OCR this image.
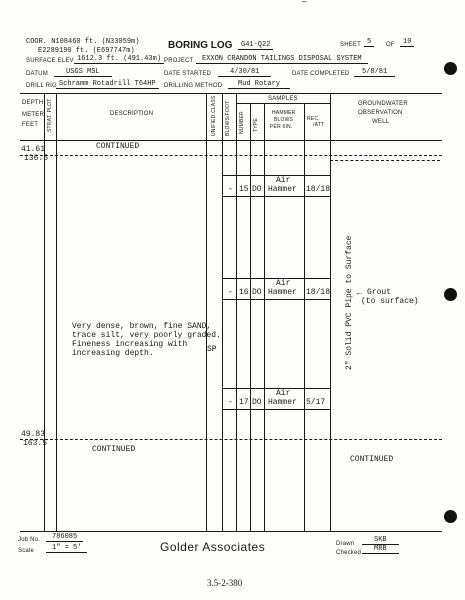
—
COOR. N108460 ft. (N33059m)
E2289190 ft. (E697747m)	BORING LOG	G41-Q22	SHEET 5	OF	10
SURFACE ELEV 1612.3 ft. (491.43m) PROJECT	EXXON CRANDON TAILINGS DISPOSAL SYSTEM
DATUM	USGS MSL	DATE STARTED	4/30/81	DATE COMPLETED	5/8/81
DRILL RIG Schramm Rotadrill T64HP	DRILLING METHOD	Mud Rotary
DEPTH
METER
FEET STRAT. PLOT	DESCRIPTION	UNIFIED CLASS BLOWS/FOOT
SAMPLES
NUMBER TYPE
HAMMER
BLOWS
PER 6IN.
REC.
/ATT
GROUNDWATER
OBSERVATION
WELL
41.61
136.5
CONTINUED
- 15 DO
Air
Hammer 18/18
- 16 DO
Air
Hammer 18/18
- 17 DO
Air
Hammer 5/17
Very dense, brown, fine SAND,
trace silt, very poorly graded.
Fineness increasing with
increasing depth.	SP	2" Solid PVC Pipe to Surface Grout
(to surface)
←
49.83
163.5
CONTINUED
CONTINUED
Job No.	786085
Scale	1" = 5'	Golder Associates	Drawn	SKB
Checked	MRB
3.5-2-380
